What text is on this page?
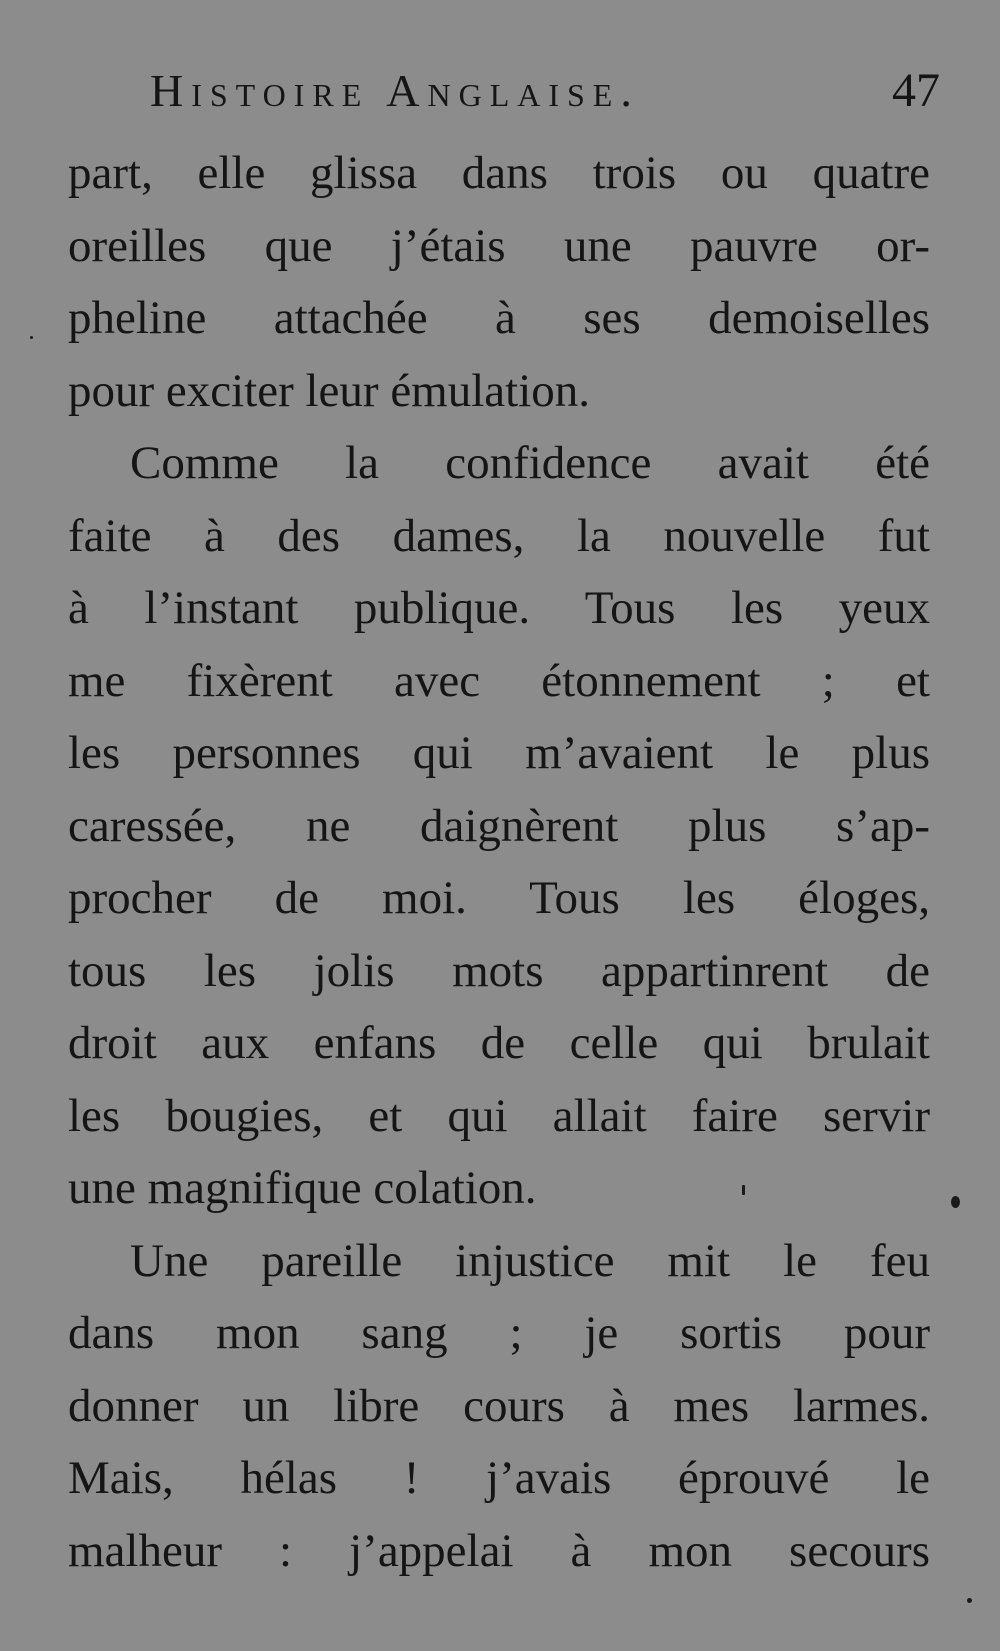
Histoire Anglaise.	47
part, elle glissa dans trois ou quatre
oreilles que j’étais une pauvre or-
pheline attachée à ses demoiselles
pour exciter leur émulation.
Comme la confidence avait été
faite à des dames, la nouvelle fut
à l’instant publique. Tous les yeux
me fixèrent avec étonnement ; et
les personnes qui m’avaient le plus
caressée, ne daignèrent plus s’ap-
procher de moi. Tous les éloges,
tous les jolis mots appartinrent de
droit aux enfans de celle qui brulait
les bougies, et qui allait faire servir
une magnifique colation.
Une pareille injustice mit le feu
dans mon sang ; je sortis pour
donner un libre cours à mes larmes.
Mais, hélas ! j’avais éprouvé le
malheur : j’appelai à mon secours
